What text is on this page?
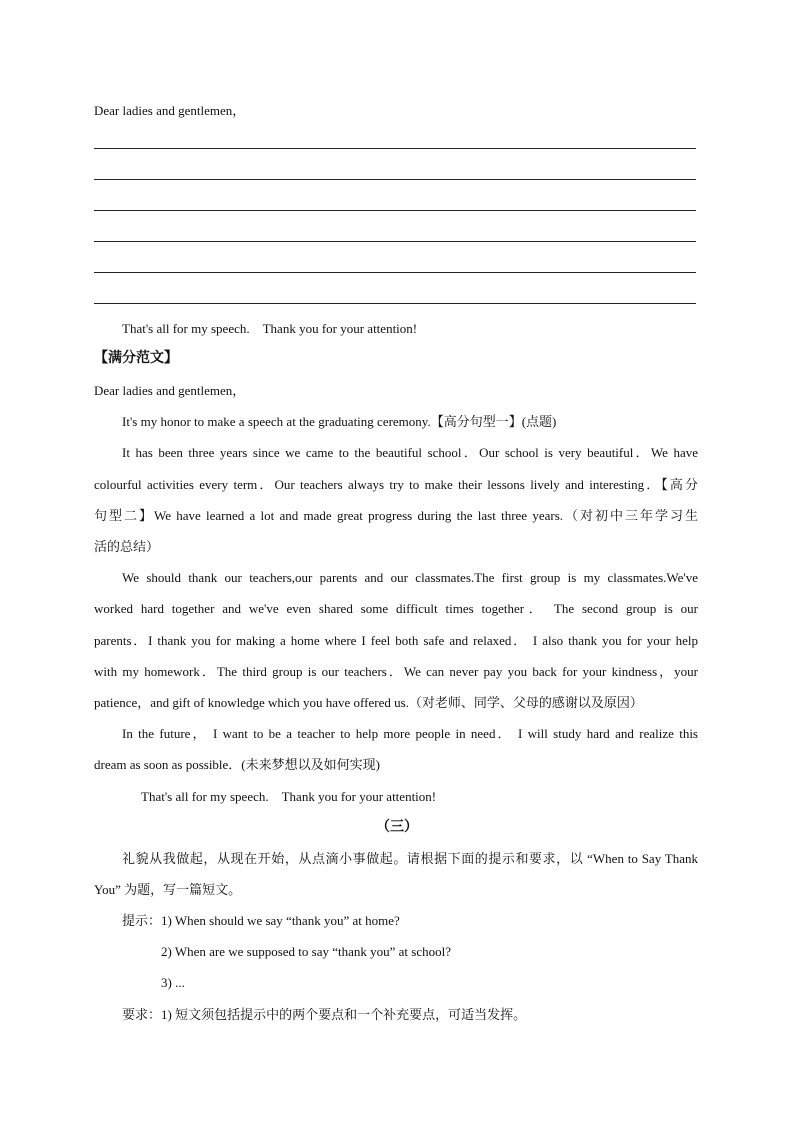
Dear ladies and gentlemen，
That's all for my speech.　Thank you for your attention!
【满分范文】
Dear ladies and gentlemen，
It's my honor to make a speech at the graduating ceremony.【高分句型一】(点题)
It has been three years since we came to the beautiful school．Our school is very beautiful．We have
colourful activities every term．Our teachers always try to make their lessons lively and interesting．【高分
句型二】We have learned a lot and made great progress during the last three years.（对初中三年学习生
活的总结）
We should thank our teachers,our parents and our classmates.The first group is my classmates.We've
worked hard together and we've even shared some difficult times together． The second group is our
parents．I thank you for making a home where I feel both safe and relaxed． I also thank you for your help
with my homework．The third group is our teachers．We can never pay you back for your kindness，your
patience，and gift of knowledge which you have offered us.（对老师、同学、父母的感谢以及原因）
In the future， I want to be a teacher to help more people in need． I will study hard and realize this
dream as soon as possible．(未来梦想以及如何实现)
That's all for my speech.　Thank you for your attention!
（三）
礼貌从我做起，从现在开始，从点滴小事做起。请根据下面的提示和要求，以 “When to Say Thank
You” 为题，写一篇短文。
提示： 1) When should we say “thank you” at home?
2) When are we supposed to say “thank you” at school?
3) ...
要求： 1) 短文须包括提示中的两个要点和一个补充要点，可适当发挥。
